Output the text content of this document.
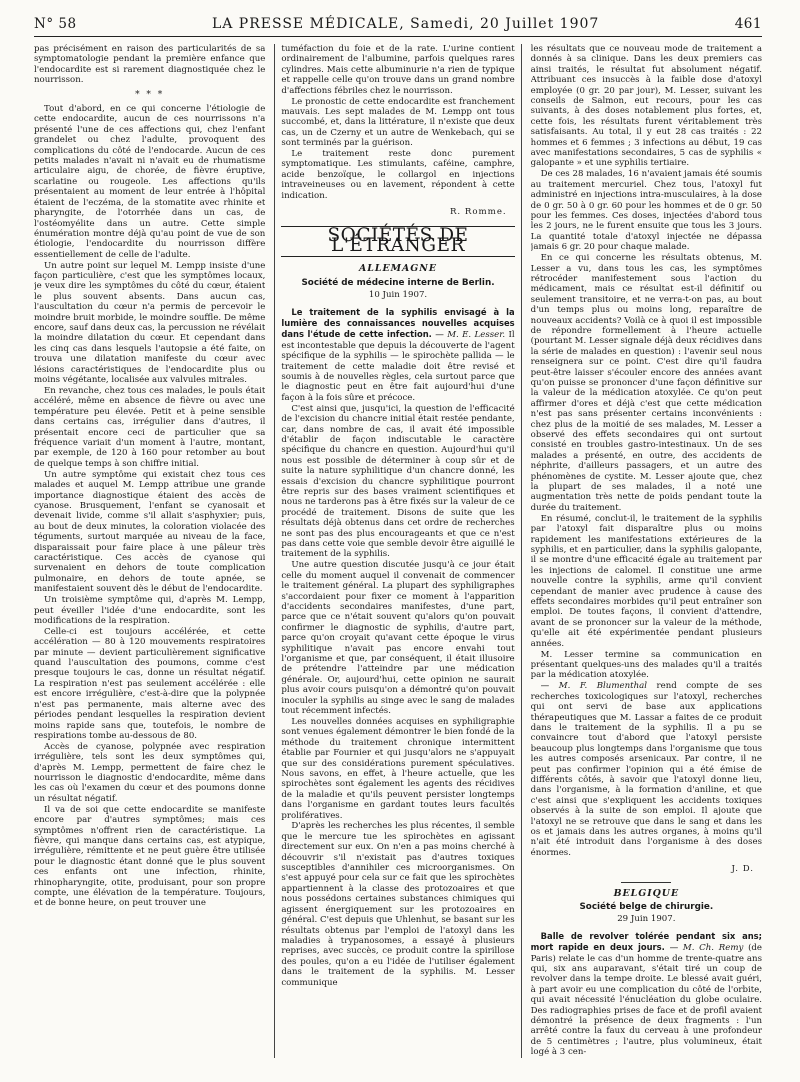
N° 58	LA PRESSE MÉDICALE, Samedi, 20 Juillet 1907	461

pas précisément en raison des particularités de sa symptomatologie pendant la première enfance que l'endocardite est si rarement diagnostiquée chez le nourrisson.

* * *

Tout d'abord, en ce qui concerne l'étiologie de cette endocardite, aucun de ces nourrissons n'a présenté l'une de ces affections qui, chez l'enfant grandelet ou chez l'adulte, provoquent des complications du côté de l'endocarde. Aucun de ces petits malades n'avait ni n'avait eu de rhumatisme articulaire aigu, de chorée, de fièvre éruptive, scarlatine ou rougeole. Les affections qu'ils présentaient au moment de leur entrée à l'hôpital étaient de l'eczéma, de la stomatite avec rhinite et pharyngite, de l'otorrhée dans un cas, de l'ostéomyélite dans un autre. Cette simple énumération montre déjà qu'au point de vue de son étiologie, l'endocardite du nourrisson diffère essentiellement de celle de l'adulte.

Un autre point sur lequel M. Lempp insiste d'une façon particulière, c'est que les symptômes locaux, je veux dire les symptômes du côté du cœur, étaient le plus souvent absents. Dans aucun cas, l'auscultation du cœur n'a permis de percevoir le moindre bruit morbide, le moindre souffle. De même encore, sauf dans deux cas, la percussion ne révélait la moindre dilatation du cœur. Et cependant dans les cinq cas dans lesquels l'autopsie a été faite, on trouva une dilatation manifeste du cœur avec lésions caractéristiques de l'endocardite plus ou moins végétante, localisée aux valvules mitrales.

En revanche, chez tous ces malades, le pouls était accéléré, même en absence de fièvre ou avec une température peu élevée. Petit et à peine sensible dans certains cas, irrégulier dans d'autres, il présentait encore ceci de particulier que sa fréquence variait d'un moment à l'autre, montant, par exemple, de 120 à 160 pour retomber au bout de quelque temps à son chiffre initial.

Un autre symptôme qui existait chez tous ces malades et auquel M. Lempp attribue une grande importance diagnostique étaient des accès de cyanose. Brusquement, l'enfant se cyanosait et devenait livide, comme s'il allait s'asphyxier; puis, au bout de deux minutes, la coloration violacée des téguments, surtout marquée au niveau de la face, disparaissait pour faire place à une pâleur très caractéristique. Ces accès de cyanose qui survenaient en dehors de toute complication pulmonaire, en dehors de toute apnée, se manifestaient souvent dès le début de l'endocardite.

Un troisième symptôme qui, d'après M. Lempp, peut éveiller l'idée d'une endocardite, sont les modifications de la respiration.

Celle-ci est toujours accélérée, et cette accélération — 80 à 120 mouvements respiratoires par minute — devient particulièrement significative quand l'auscultation des poumons, comme c'est presque toujours le cas, donne un résultat négatif. La respiration n'est pas seulement accélérée : elle est encore irrégulière, c'est-à-dire que la polypnée n'est pas permanente, mais alterne avec des périodes pendant lesquelles la respiration devient moins rapide sans que, toutefois, le nombre de respirations tombe au-dessous de 80.

Accès de cyanose, polypnée avec respiration irrégulière, tels sont les deux symptômes qui, d'après M. Lempp, permettent de faire chez le nourrisson le diagnostic d'endocardite, même dans les cas où l'examen du cœur et des poumons donne un résultat négatif.

Il va de soi que cette endocardite se manifeste encore par d'autres symptômes; mais ces symptômes n'offrent rien de caractéristique. La fièvre, qui manque dans certains cas, est atypique, irrégulière, rémittente et ne peut guère être utilisée pour le diagnostic étant donné que le plus souvent ces enfants ont une infection, rhinite, rhinopharyngite, otite, produisant, pour son propre compte, une élévation de la température. Toujours, et de bonne heure, on peut trouver une

tuméfaction du foie et de la rate. L'urine contient ordinairement de l'albumine, parfois quelques rares cylindres. Mais cette albuminurie n'a rien de typique et rappelle celle qu'on trouve dans un grand nombre d'affections fébriles chez le nourrisson.

Le pronostic de cette endocardite est franchement mauvais. Les sept malades de M. Lempp ont tous succombé, et, dans la littérature, il n'existe que deux cas, un de Czerny et un autre de Wenkebach, qui se sont terminés par la guérison.

Le traitement reste donc purement symptomatique. Les stimulants, caféine, camphre, acide benzoïque, le collargol en injections intraveineuses ou en lavement, répondent à cette indication.

R. Romme.
SOCIÉTÉS DE L'ÉTRANGER
ALLEMAGNE
Société de médecine interne de Berlin.
10 Juin 1907.

Le traitement de la syphilis envisagé à la lumière des connaissances nouvelles acquises dans l'étude de cette infection. — M. E. Lesser. Il est incontestable que depuis la découverte de l'agent spécifique de la syphilis — le spirochète pallida — le traitement de cette maladie doit être revisé et soumis à de nouvelles règles, cela surtout parce que le diagnostic peut en être fait aujourd'hui d'une façon à la fois sûre et précoce.

C'est ainsi que, jusqu'ici, la question de l'efficacité de l'excision du chancre initial était restée pendante, car, dans nombre de cas, il avait été impossible d'établir de façon indiscutable le caractère spécifique du chancre en question. Aujourd'hui qu'il nous est possible de déterminer à coup sûr et de suite la nature syphilitique d'un chancre donné, les essais d'excision du chancre syphilitique pourront être repris sur des bases vraiment scientifiques et nous ne tarderons pas à être fixés sur la valeur de ce procédé de traitement. Disons de suite que les résultats déjà obtenus dans cet ordre de recherches ne sont pas des plus encourageants et que ce n'est pas dans cette voie que semble devoir être aiguillé le traitement de la syphilis.

Une autre question discutée jusqu'à ce jour était celle du moment auquel il convenait de commencer le traitement général. La plupart des syphiligraphes s'accordaient pour fixer ce moment à l'apparition d'accidents secondaires manifestes, d'une part, parce que ce n'était souvent qu'alors qu'on pouvait confirmer le diagnostic de syphilis, d'autre part, parce qu'on croyait qu'avant cette époque le virus syphilitique n'avait pas encore envahi tout l'organisme et que, par conséquent, il était illusoire de prétendre l'atteindre par une médication générale. Or, aujourd'hui, cette opinion ne saurait plus avoir cours puisqu'on a démontré qu'on pouvait inoculer la syphilis au singe avec le sang de malades tout récemment infectés.

Les nouvelles données acquises en syphiligraphie sont venues également démontrer le bien fondé de la méthode du traitement chronique intermittent établie par Fournier et qui jusqu'alors ne s'appuyait que sur des considérations purement spéculatives. Nous savons, en effet, à l'heure actuelle, que les spirochètes sont également les agents des récidives de la maladie et qu'ils peuvent persister longtemps dans l'organisme en gardant toutes leurs facultés prolifératives.

D'après les recherches les plus récentes, il semble que le mercure tue les spirochètes en agissant directement sur eux. On n'en a pas moins cherché à découvrir s'il n'existait pas d'autres toxiques susceptibles d'annihiler ces microorganismes. On s'est appuyé pour cela sur ce fait que les spirochètes appartiennent à la classe des protozoaires et que nous possédons certaines substances chimiques qui agissent énergiquement sur les protozoaires en général. C'est depuis que Uhlenhut, se basant sur les résultats obtenus par l'emploi de l'atoxyl dans les maladies à trypanosomes, a essayé à plusieurs reprises, avec succès, ce produit contre la spirillose des poules, qu'on a eu l'idée de l'utiliser également dans le traitement de la syphilis. M. Lesser communique

les résultats que ce nouveau mode de traitement a donnés à sa clinique. Dans les deux premiers cas ainsi traités, le résultat fut absolument négatif. Attribuant ces insuccès à la faible dose d'atoxyl employée (0 gr. 20 par jour), M. Lesser, suivant les conseils de Salmon, eut recours, pour les cas suivants, à des doses notablement plus fortes, et, cette fois, les résultats furent véritablement très satisfaisants. Au total, il y eut 28 cas traités : 22 hommes et 6 femmes ; 3 infections au début, 19 cas avec manifestations secondaires, 5 cas de syphilis « galopante » et une syphilis tertiaire.

De ces 28 malades, 16 n'avaient jamais été soumis au traitement mercuriel. Chez tous, l'atoxyl fut administré en injections intra-musculaires, à la dose de 0 gr. 50 à 0 gr. 60 pour les hommes et de 0 gr. 50 pour les femmes. Ces doses, injectées d'abord tous les 2 jours, ne le furent ensuite que tous les 3 jours. La quantité totale d'atoxyl injectée ne dépassa jamais 6 gr. 20 pour chaque malade.

En ce qui concerne les résultats obtenus, M. Lesser a vu, dans tous les cas, les symptômes rétrocéder manifestement sous l'action du médicament, mais ce résultat est-il définitif ou seulement transitoire, et ne verra-t-on pas, au bout d'un temps plus ou moins long, reparaître de nouveaux accidents? Voilà ce à quoi il est impossible de répondre formellement à l'heure actuelle (pourtant M. Lesser signale déjà deux récidives dans la série de malades en question) : l'avenir seul nous renseignera sur ce point. C'est dire qu'il faudra peut-être laisser s'écouler encore des années avant qu'on puisse se prononcer d'une façon définitive sur la valeur de la médication atoxylée. Ce qu'on peut affirmer d'ores et déjà c'est que cette médication n'est pas sans présenter certains inconvénients : chez plus de la moitié de ses malades, M. Lesser a observé des effets secondaires qui ont surtout consisté en troubles gastro-intestinaux. Un de ses malades a présenté, en outre, des accidents de néphrite, d'ailleurs passagers, et un autre des phénomènes de cystite. M. Lesser ajoute que, chez la plupart de ses malades, il a noté une augmentation très nette de poids pendant toute la durée du traitement.

En résumé, conclut-il, le traitement de la syphilis par l'atoxyl fait disparaître plus ou moins rapidement les manifestations extérieures de la syphilis, et en particulier, dans la syphilis galopante, il se montre d'une efficacité égale au traitement par les injections de calomel. Il constitue une arme nouvelle contre la syphilis, arme qu'il convient cependant de manier avec prudence à cause des effets secondaires morbides qu'il peut entraîner son emploi. De toutes façons, il convient d'attendre, avant de se prononcer sur la valeur de la méthode, qu'elle ait été expérimentée pendant plusieurs années.

M. Lesser termine sa communication en présentant quelques-uns des malades qu'il a traités par la médication atoxylée.

— M. F. Blumenthal rend compte de ses recherches toxicologiques sur l'atoxyl, recherches qui ont servi de base aux applications thérapeutiques que M. Lassar a faites de ce produit dans le traitement de la syphilis. Il a pu se convaincre tout d'abord que l'atoxyl persiste beaucoup plus longtemps dans l'organisme que tous les autres composés arsenicaux. Par contre, il ne peut pas confirmer l'opinion qui a été émise de différents côtés, à savoir que l'atoxyl donne lieu, dans l'organisme, à la formation d'aniline, et que c'est ainsi que s'expliquent les accidents toxiques observés à la suite de son emploi. Il ajoute que l'atoxyl ne se retrouve que dans le sang et dans les os et jamais dans les autres organes, à moins qu'il n'ait été introduit dans l'organisme à des doses énormes.

J. D.
BELGIQUE
Société belge de chirurgie.
29 Juin 1907.

Balle de revolver tolérée pendant six ans; mort rapide en deux jours. — M. Ch. Remy (de Paris) relate le cas d'un homme de trente-quatre ans qui, six ans auparavant, s'était tiré un coup de revolver dans la tempe droite. Le blessé avait guéri, à part avoir eu une complication du côté de l'orbite, qui avait nécessité l'énucléation du globe oculaire. Des radiographies prises de face et de profil avaient démontré la présence de deux fragments : l'un arrêté contre la faux du cerveau à une profondeur de 5 centimètres ; l'autre, plus volumineux, était logé à 3 cen-
